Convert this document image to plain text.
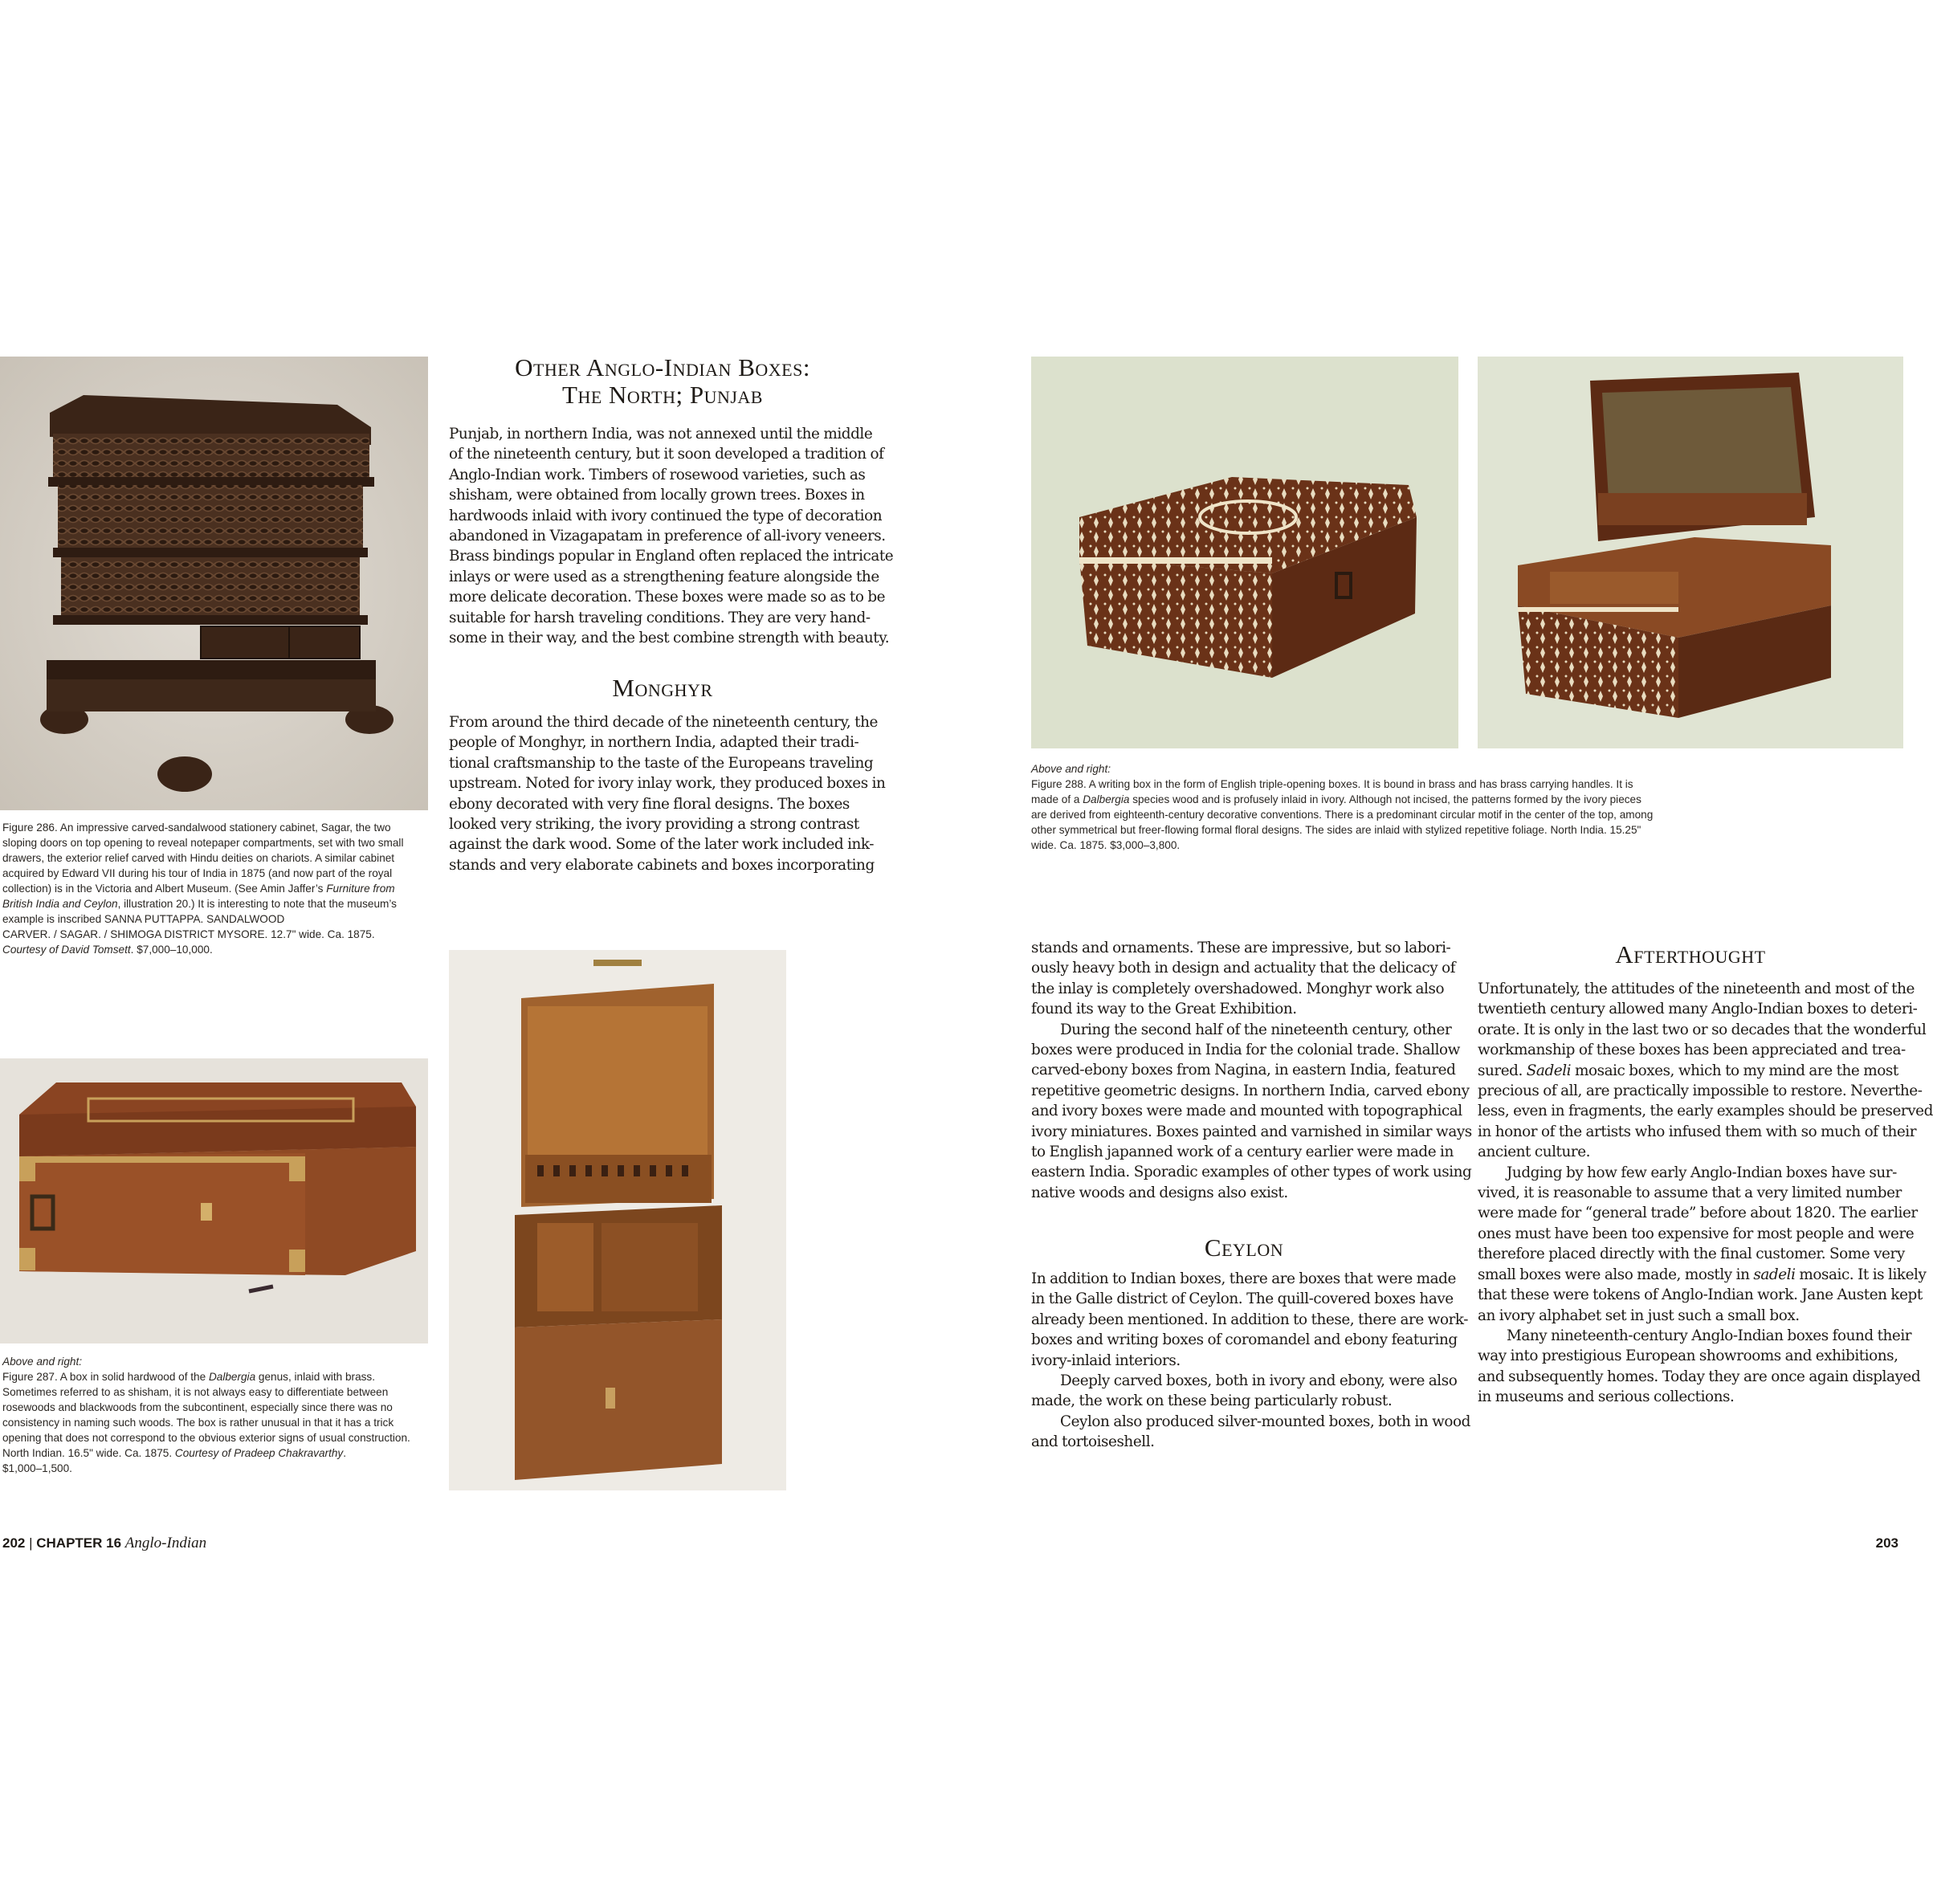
Figure 286. An impressive carved-sandalwood stationery cabinet, Sagar, the two
sloping doors on top opening to reveal notepaper compartments, set with two small
drawers, the exterior relief carved with Hindu deities on chariots. A similar cabinet
acquired by Edward VII during his tour of India in 1875 (and now part of the royal
collection) is in the Victoria and Albert Museum. (See Amin Jaffer’s Furniture from
British India and Ceylon, illustration 20.) It is interesting to note that the museum’s
example is inscribed SANNA PUTTAPPA. SANDALWOOD
CARVER. / SAGAR. / SHIMOGA DISTRICT MYSORE. 12.7" wide. Ca. 1875.
Courtesy of David Tomsett. $7,000–10,000.

Above and right:
Figure 287. A box in solid hardwood of the Dalbergia genus, inlaid with brass.
Sometimes referred to as shisham, it is not always easy to differentiate between
rosewoods and blackwoods from the subcontinent, especially since there was no
consistency in naming such woods. The box is rather unusual in that it has a trick
opening that does not correspond to the obvious exterior signs of usual construction.
North Indian. 16.5" wide. Ca. 1875. Courtesy of Pradeep Chakravarthy.
$1,000–1,500.

Above and right:
Figure 288. A writing box in the form of English triple-opening boxes. It is bound in brass and has brass carrying handles. It is
made of a Dalbergia species wood and is profusely inlaid in ivory. Although not incised, the patterns formed by the ivory pieces
are derived from eighteenth-century decorative conventions. There is a predominant circular motif in the center of the top, among
other symmetrical but freer-flowing formal floral designs. The sides are inlaid with stylized repetitive foliage. North India. 15.25"
wide. Ca. 1875. $3,000–3,800.

Other Anglo-Indian Boxes:
The North; Punjab
Monghyr
Ceylon
Afterthought
Punjab, in northern India, was not annexed until the middle
of the nineteenth century, but it soon developed a tradition of
Anglo-Indian work. Timbers of rosewood varieties, such as
shisham, were obtained from locally grown trees. Boxes in
hardwoods inlaid with ivory continued the type of decoration
abandoned in Vizagapatam in preference of all-ivory veneers.
Brass bindings popular in England often replaced the intricate
inlays or were used as a strengthening feature alongside the
more delicate decoration. These boxes were made so as to be
suitable for harsh traveling conditions. They are very hand-
some in their way, and the best combine strength with beauty.
From around the third decade of the nineteenth century, the
people of Monghyr, in northern India, adapted their tradi-
tional craftsmanship to the taste of the Europeans traveling
upstream. Noted for ivory inlay work, they produced boxes in
ebony decorated with very fine floral designs. The boxes
looked very striking, the ivory providing a strong contrast
against the dark wood. Some of the later work included ink-
stands and very elaborate cabinets and boxes incorporating
stands and ornaments. These are impressive, but so labori-
ously heavy both in design and actuality that the delicacy of
the inlay is completely overshadowed. Monghyr work also
found its way to the Great Exhibition.
During the second half of the nineteenth century, other
boxes were produced in India for the colonial trade. Shallow
carved-ebony boxes from Nagina, in eastern India, featured
repetitive geometric designs. In northern India, carved ebony
and ivory boxes were made and mounted with topographical
ivory miniatures. Boxes painted and varnished in similar ways
to English japanned work of a century earlier were made in
eastern India. Sporadic examples of other types of work using
native woods and designs also exist.
In addition to Indian boxes, there are boxes that were made
in the Galle district of Ceylon. The quill-covered boxes have
already been mentioned. In addition to these, there are work-
boxes and writing boxes of coromandel and ebony featuring
ivory-inlaid interiors.
Deeply carved boxes, both in ivory and ebony, were also
made, the work on these being particularly robust.
Ceylon also produced silver-mounted boxes, both in wood
and tortoiseshell.
Unfortunately, the attitudes of the nineteenth and most of the
twentieth century allowed many Anglo-Indian boxes to deteri-
orate. It is only in the last two or so decades that the wonderful
workmanship of these boxes has been appreciated and trea-
sured. Sadeli mosaic boxes, which to my mind are the most
precious of all, are practically impossible to restore. Neverthe-
less, even in fragments, the early examples should be preserved
in honor of the artists who infused them with so much of their
ancient culture.
Judging by how few early Anglo-Indian boxes have sur-
vived, it is reasonable to assume that a very limited number
were made for “general trade” before about 1820. The earlier
ones must have been too expensive for most people and were
therefore placed directly with the final customer. Some very
small boxes were also made, mostly in sadeli mosaic. It is likely
that these were tokens of Anglo-Indian work. Jane Austen kept
an ivory alphabet set in just such a small box.
Many nineteenth-century Anglo-Indian boxes found their
way into prestigious European showrooms and exhibitions,
and subsequently homes. Today they are once again displayed
in museums and serious collections.

202 | CHAPTER 16 Anglo-Indian	203
